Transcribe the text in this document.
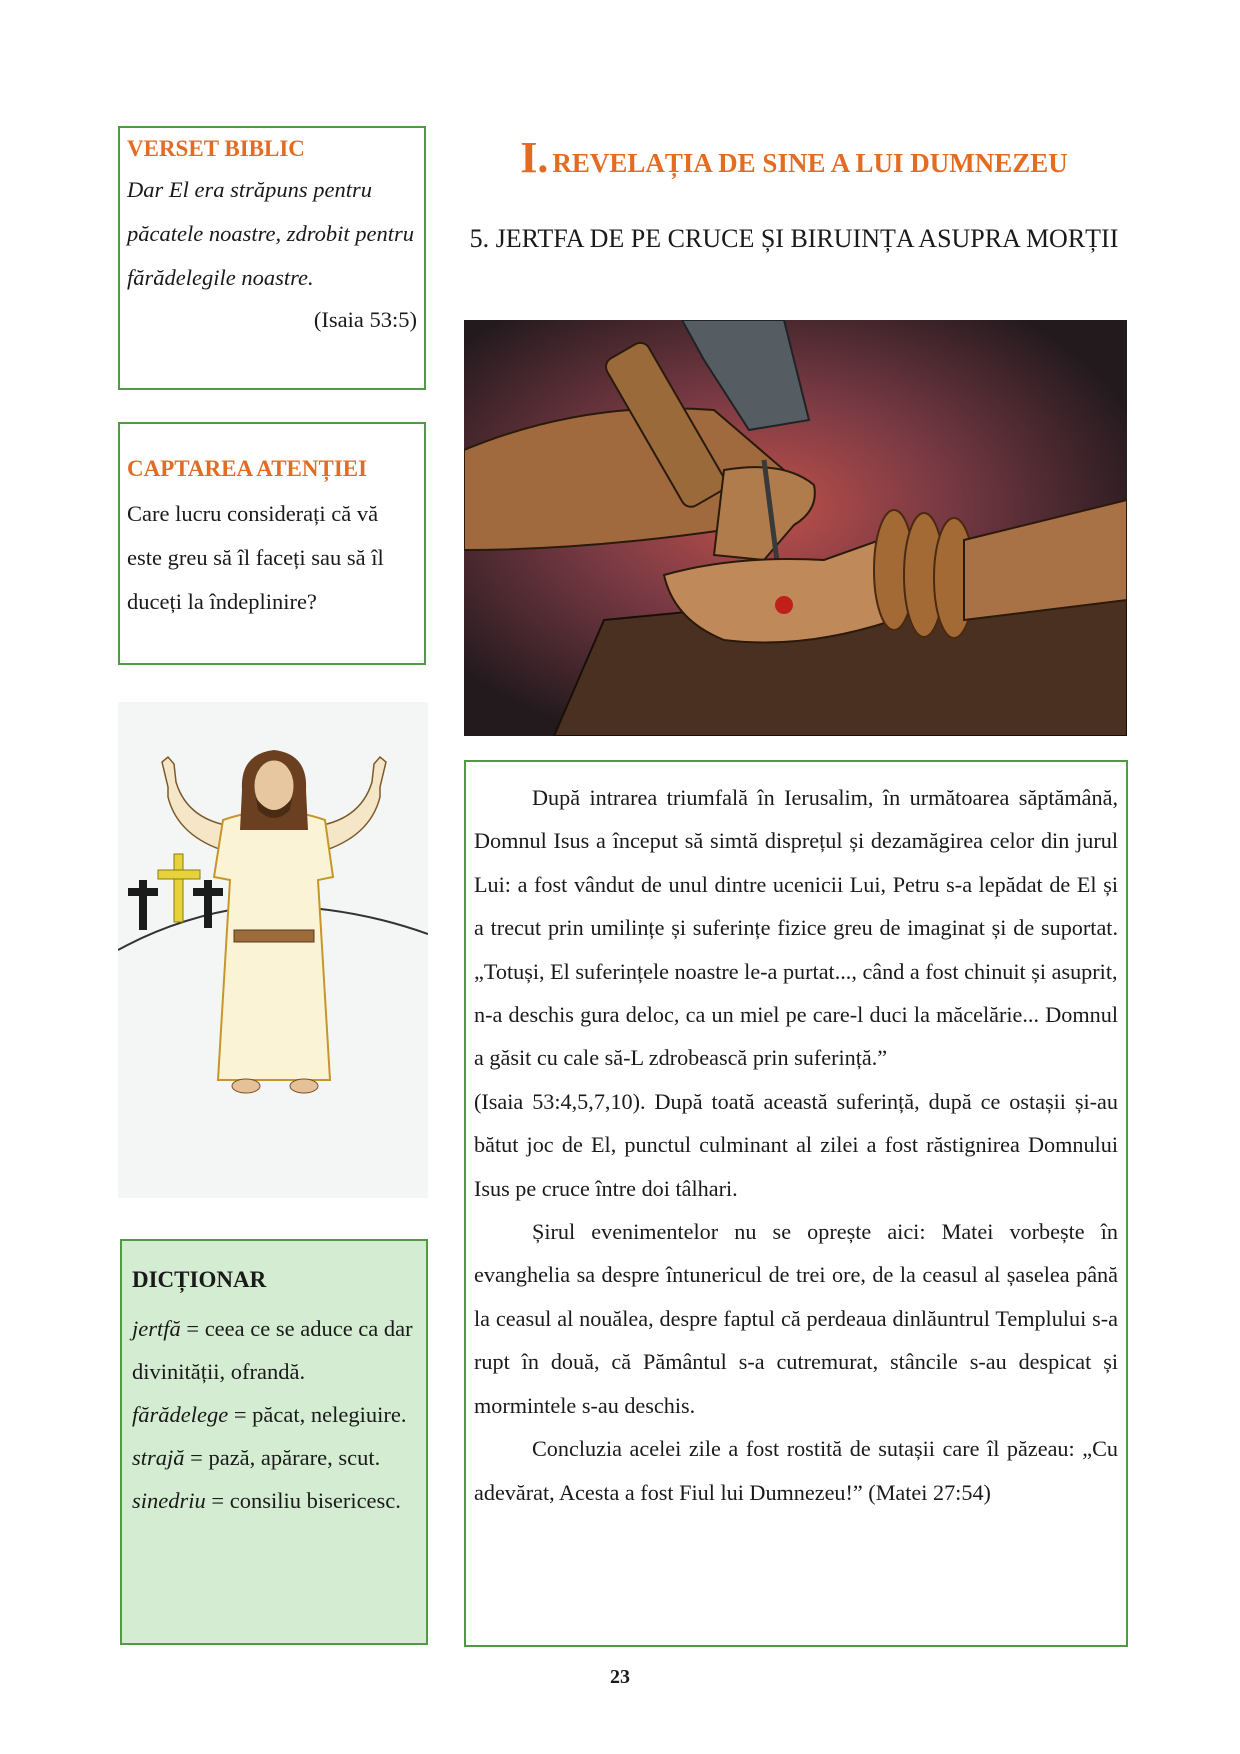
VERSET BIBLIC

Dar El era străpuns pentru păcatele noastre, zdrobit pentru fărădelegile noastre.

(Isaia 53:5)
CAPTAREA ATENȚIEI

Care lucru considerați că vă este greu să îl faceți sau să îl duceți la îndeplinire?

DICȚIONAR

jertfă = ceea ce se aduce ca dar divinității, ofrandă.

fărădelege = păcat, nelegiuire.

strajă = pază, apărare, scut.

sinedriu = consiliu bisericesc.

I. REVELAȚIA DE SINE A LUI DUMNEZEU
5. JERTFA DE PE CRUCE ȘI BIRUINȚA ASUPRA MORȚII

După intrarea triumfală în Ierusalim, în următoarea săptămână, Domnul Isus a început să simtă disprețul și dezamăgirea celor din jurul Lui: a fost vândut de unul dintre ucenicii Lui, Petru s-a lepădat de El și a trecut prin umilințe și suferințe fizice greu de imaginat și de suportat. „Totuși, El suferințele noastre le-a purtat..., când a fost chinuit și asuprit,
n-a deschis gura deloc, ca un miel pe care-l duci la măcelărie... Domnul a găsit cu cale să-L zdrobească prin suferință.”
(Isaia 53:4,5,7,10). După toată această suferință, după ce ostașii și-au bătut joc de El, punctul culminant al zilei a fost răstignirea Domnului Isus pe cruce între doi tâlhari.

Șirul evenimentelor nu se oprește aici: Matei vorbește în evanghelia sa despre întunericul de trei ore, de la ceasul al șaselea până la ceasul al nouălea, despre faptul că perdeaua dinlăuntrul Templului s-a rupt în două, că Pământul s-a cutremurat, stâncile s-au despicat și mormintele s-au deschis.

Concluzia acelei zile a fost rostită de sutașii care îl păzeau: „Cu adevărat, Acesta a fost Fiul lui Dumnezeu!” (Matei 27:54)

23
